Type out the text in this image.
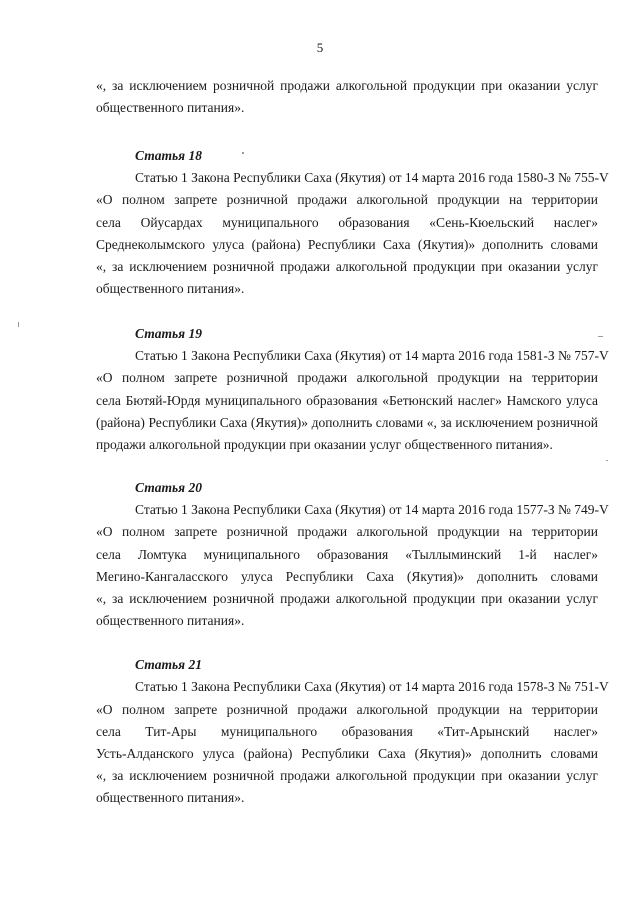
5
«, за исключением розничной продажи алкогольной продукции при оказании услуг
общественного питания».
Статья 18
Статью 1 Закона Республики Саха (Якутия) от 14 марта 2016 года 1580-З № 755-V
«О полном запрете розничной продажи алкогольной продукции на территории
села Ойусардах муниципального образования «Сень-Кюельский наслег»
Среднеколымского улуса (района) Республики Саха (Якутия)» дополнить словами
«, за исключением розничной продажи алкогольной продукции при оказании услуг
общественного питания».
Статья 19
Статью 1 Закона Республики Саха (Якутия) от 14 марта 2016 года 1581-З № 757-V
«О полном запрете розничной продажи алкогольной продукции на территории
села Бютяй-Юрдя муниципального образования «Бетюнский наслег» Намского улуса
(района) Республики Саха (Якутия)» дополнить словами «, за исключением розничной
продажи алкогольной продукции при оказании услуг общественного питания».
Статья 20
Статью 1 Закона Республики Саха (Якутия) от 14 марта 2016 года 1577-З № 749-V
«О полном запрете розничной продажи алкогольной продукции на территории
села Ломтука муниципального образования «Тыллыминский 1-й наслег»
Мегино-Кангаласского улуса Республики Саха (Якутия)» дополнить словами
«, за исключением розничной продажи алкогольной продукции при оказании услуг
общественного питания».
Статья 21
Статью 1 Закона Республики Саха (Якутия) от 14 марта 2016 года 1578-З № 751-V
«О полном запрете розничной продажи алкогольной продукции на территории
села Тит-Ары муниципального образования «Тит-Арынский наслег»
Усть-Алданского улуса (района) Республики Саха (Якутия)» дополнить словами
«, за исключением розничной продажи алкогольной продукции при оказании услуг
общественного питания».
